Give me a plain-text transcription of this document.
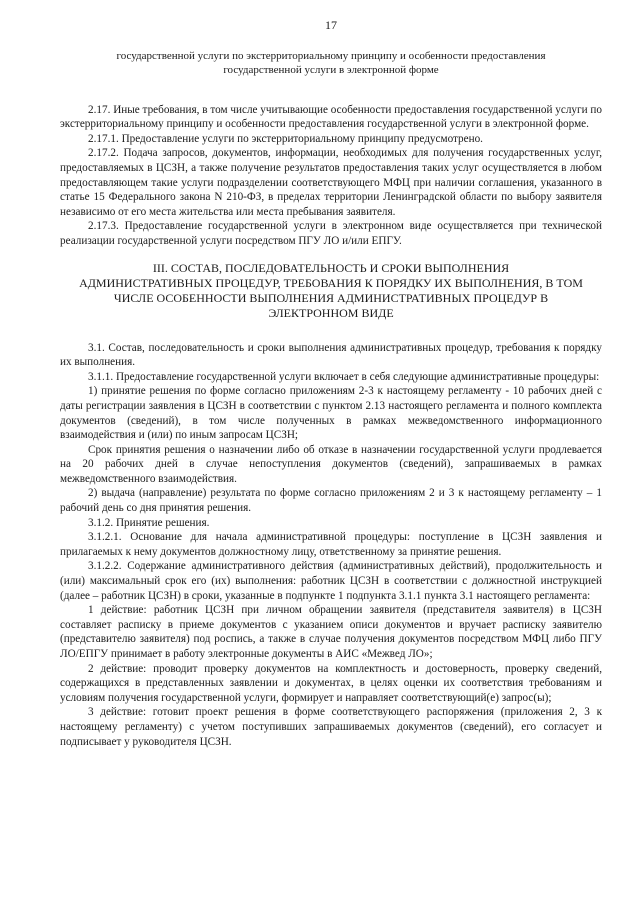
17
государственной услуги по экстерриториальному принципу и особенности предоставления
государственной услуги в электронной форме

2.17. Иные требования, в том числе учитывающие особенности предоставления государственной услуги по экстерриториальному принципу и особенности предоставления государственной услуги в электронной форме.

2.17.1. Предоставление услуги по экстерриториальному принципу предусмотрено.

2.17.2. Подача запросов, документов, информации, необходимых для получения государственных услуг, предоставляемых в ЦСЗН, а также получение результатов предоставления таких услуг осуществляется в любом предоставляющем такие услуги подразделении соответствующего МФЦ при наличии соглашения, указанного в статье 15 Федерального закона N 210-ФЗ, в пределах территории Ленинградской области по выбору заявителя независимо от его места жительства или места пребывания заявителя.

2.17.3. Предоставление государственной услуги в электронном виде осуществляется при технической реализации государственной услуги посредством ПГУ ЛО и/или ЕПГУ.

III. СОСТАВ, ПОСЛЕДОВАТЕЛЬНОСТЬ И СРОКИ ВЫПОЛНЕНИЯ
АДМИНИСТРАТИВНЫХ ПРОЦЕДУР, ТРЕБОВАНИЯ К ПОРЯДКУ ИХ ВЫПОЛНЕНИЯ, В ТОМ
ЧИСЛЕ ОСОБЕННОСТИ ВЫПОЛНЕНИЯ АДМИНИСТРАТИВНЫХ ПРОЦЕДУР В
ЭЛЕКТРОННОМ ВИДЕ

3.1. Состав, последовательность и сроки выполнения административных процедур, требования к порядку их выполнения.

3.1.1. Предоставление государственной услуги включает в себя следующие административные процедуры:

1) принятие решения по форме согласно приложениям 2-3 к настоящему регламенту - 10 рабочих дней с даты регистрации заявления в ЦСЗН в соответствии с пунктом 2.13 настоящего регламента и полного комплекта документов (сведений), в том числе полученных в рамках межведомственного информационного взаимодействия и (или) по иным запросам ЦСЗН;

Срок принятия решения о назначении либо об отказе в назначении государственной услуги продлевается на 20 рабочих дней в случае непоступления документов (сведений), запрашиваемых в рамках межведомственного взаимодействия.

2) выдача (направление) результата по форме согласно приложениям 2 и 3 к настоящему регламенту – 1 рабочий день со дня принятия решения.

3.1.2. Принятие решения.

3.1.2.1. Основание для начала административной процедуры: поступление в ЦСЗН заявления и прилагаемых к нему документов должностному лицу, ответственному за принятие решения.

3.1.2.2. Содержание административного действия (административных действий), продолжительность и (или) максимальный срок его (их) выполнения: работник ЦСЗН в соответствии с должностной инструкцией (далее – работник ЦСЗН) в сроки, указанные в подпункте 1 подпункта 3.1.1 пункта 3.1 настоящего регламента:

1 действие: работник ЦСЗН при личном обращении заявителя (представителя заявителя) в ЦСЗН составляет расписку в приеме документов с указанием описи документов и вручает расписку заявителю (представителю заявителя) под роспись, а также в случае получения документов посредством МФЦ либо ПГУ ЛО/ЕПГУ принимает в работу электронные документы в АИС «Межвед ЛО»;

2 действие: проводит проверку документов на комплектность и достоверность, проверку сведений, содержащихся в представленных заявлении и документах, в целях оценки их соответствия требованиям и условиям получения государственной услуги, формирует и направляет соответствующий(е) запрос(ы);

3 действие: готовит проект решения в форме соответствующего распоряжения (приложения 2, 3 к настоящему регламенту) с учетом поступивших запрашиваемых документов (сведений), его согласует и подписывает у руководителя ЦСЗН.
